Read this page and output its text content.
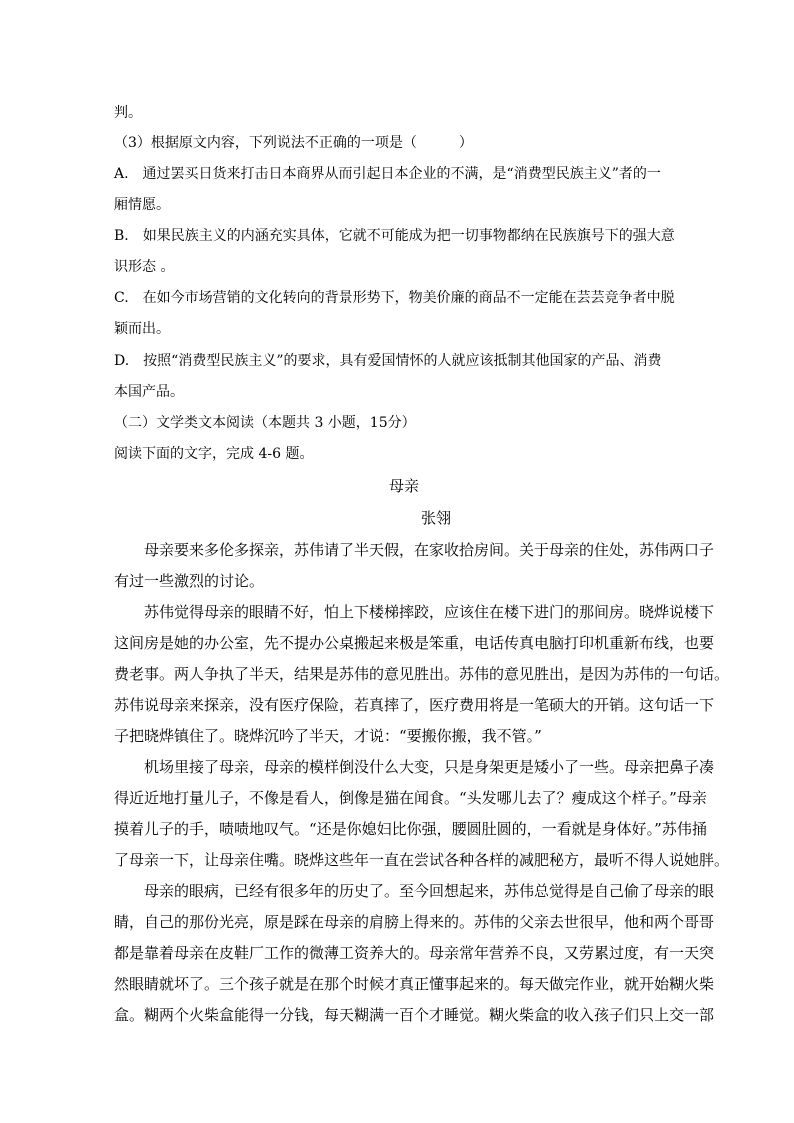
判。
（3）根据原文内容，下列说法不正确的一项是（　　　）
A.　通过罢买日货来打击日本商界从而引起日本企业的不满，是“消费型民族主义”者的一
厢情愿。
B.　如果民族主义的内涵充实具体，它就不可能成为把一切事物都纳在民族旗号下的强大意
识形态 。
C.　在如今市场营销的文化转向的背景形势下，物美价廉的商品不一定能在芸芸竞争者中脱
颖而出。
D.　按照“消费型民族主义”的要求，具有爱国情怀的人就应该抵制其他国家的产品、消费
本国产品。
（二）文学类文本阅读（本题共 3 小题，15分）
阅读下面的文字，完成 4-6 题。
母亲
张翎
　　母亲要来多伦多探亲，苏伟请了半天假，在家收拾房间。关于母亲的住处，苏伟两口子
有过一些激烈的讨论。
　　苏伟觉得母亲的眼睛不好，怕上下楼梯摔跤，应该住在楼下进门的那间房。晓烨说楼下
这间房是她的办公室，先不提办公桌搬起来极是笨重，电话传真电脑打印机重新布线，也要
费老事。两人争执了半天，结果是苏伟的意见胜出。苏伟的意见胜出，是因为苏伟的一句话。
苏伟说母亲来探亲，没有医疗保险，若真摔了，医疗费用将是一笔硕大的开销。这句话一下
子把晓烨镇住了。晓烨沉吟了半天，才说：“要搬你搬，我不管。”
　　机场里接了母亲，母亲的模样倒没什么大变，只是身架更是矮小了一些。母亲把鼻子凑
得近近地打量儿子，不像是看人，倒像是猫在闻食。“头发哪儿去了？瘦成这个样子。”母亲
摸着儿子的手，啧啧地叹气。“还是你媳妇比你强，腰圆肚圆的，一看就是身体好。”苏伟捅
了母亲一下，让母亲住嘴。晓烨这些年一直在尝试各种各样的减肥秘方，最听不得人说她胖。
　　母亲的眼病，已经有很多年的历史了。至今回想起来，苏伟总觉得是自己偷了母亲的眼
睛，自己的那份光亮，原是踩在母亲的肩膀上得来的。苏伟的父亲去世很早，他和两个哥哥
都是靠着母亲在皮鞋厂工作的微薄工资养大的。母亲常年营养不良，又劳累过度，有一天突
然眼睛就坏了。三个孩子就是在那个时候才真正懂事起来的。每天做完作业，就开始糊火柴
盒。糊两个火柴盒能得一分钱，每天糊满一百个才睡觉。糊火柴盒的收入孩子们只上交一部
